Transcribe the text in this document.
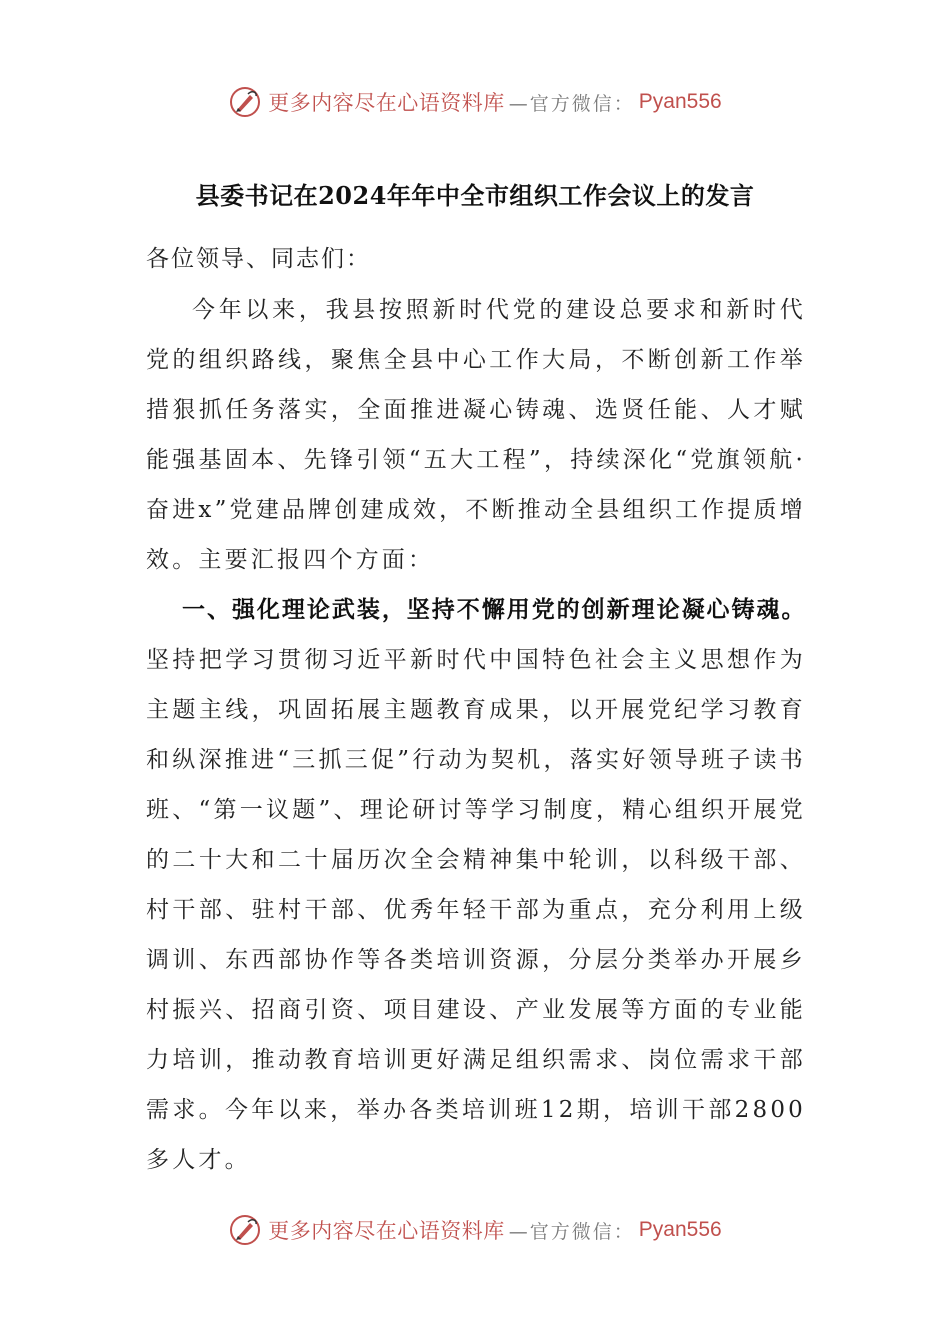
更多内容尽在心语资料库 —官方微信： Pyan556
县委书记在2024年年中全市组织工作会议上的发言
各位领导、同志们：

今年以来，我县按照新时代党的建设总要求和新时代党的组织路线，聚焦全县中心工作大局，不断创新工作举措狠抓任务落实，全面推进凝心铸魂、选贤任能、人才赋能强基固本、先锋引领“五大工程”，持续深化“党旗领航·奋进x”党建品牌创建成效，不断推动全县组织工作提质增效。主要汇报四个方面：

一、强化理论武装，坚持不懈用党的创新理论凝心铸魂。坚持把学习贯彻习近平新时代中国特色社会主义思想作为主题主线，巩固拓展主题教育成果，以开展党纪学习教育和纵深推进“三抓三促”行动为契机，落实好领导班子读书班、“第一议题”、理论研讨等学习制度，精心组织开展党的二十大和二十届历次全会精神集中轮训，以科级干部、村干部、驻村干部、优秀年轻干部为重点，充分利用上级调训、东西部协作等各类培训资源，分层分类举办开展乡村振兴、招商引资、项目建设、产业发展等方面的专业能力培训，推动教育培训更好满足组织需求、岗位需求干部需求。今年以来，举办各类培训班12期，培训干部2800多人才。

更多内容尽在心语资料库 —官方微信： Pyan556
